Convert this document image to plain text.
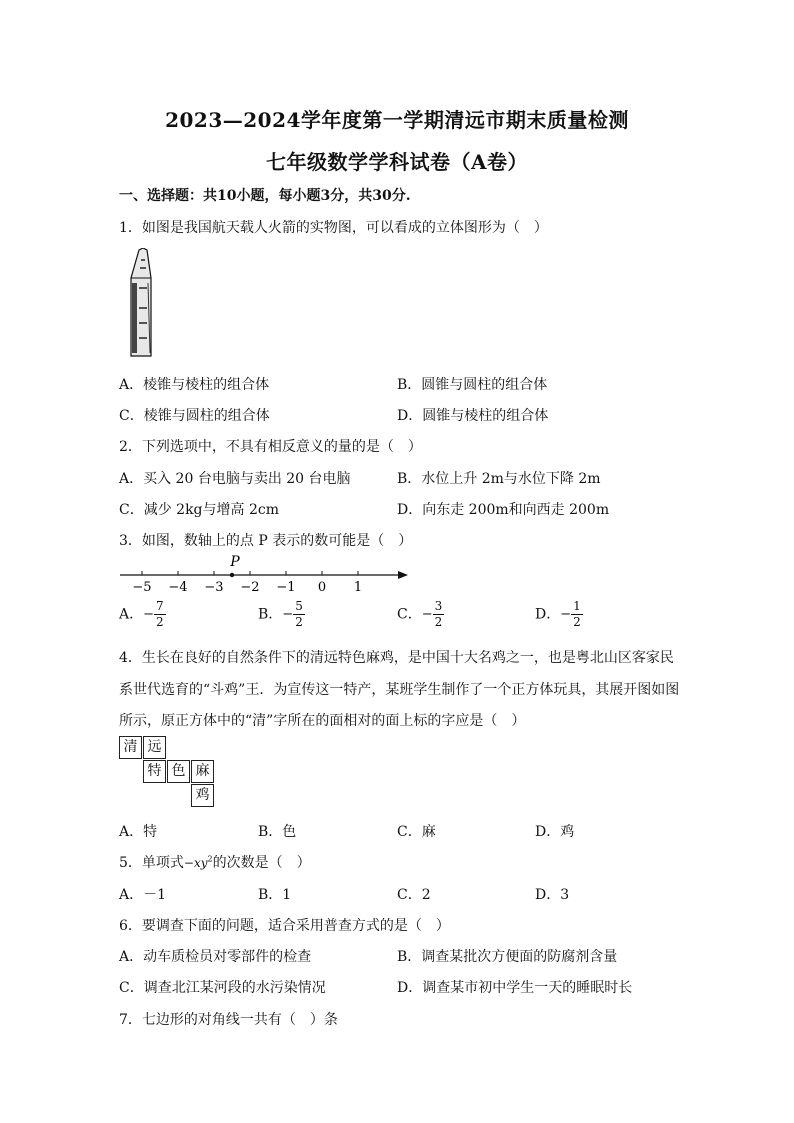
2023—2024学年度第一学期清远市期末质量检测
七年级数学学科试卷（A卷）
一、选择题：共10小题，每小题3分，共30分.
1．如图是我国航天载人火箭的实物图，可以看成的立体图形为（　）
A．棱锥与棱柱的组合体	B．圆锥与圆柱的组合体
C．棱锥与圆柱的组合体	D．圆锥与棱柱的组合体
2．下列选项中，不具有相反意义的量的是（　）
A．买入 20 台电脑与卖出 20 台电脑	B．水位上升 2m与水位下降 2m
C．减少 2kg与增高 2cm	D．向东走 200m和向西走 200m
3．如图，数轴上的点 P 表示的数可能是（　）
−5 −4 −3 −2 −1 0 1
P
A．− $\frac{7}{2}$	B．− $\frac{5}{2}$	C．− $\frac{3}{2}$	D．− $\frac{1}{2}$
4．生长在良好的自然条件下的清远特色麻鸡，是中国十大名鸡之一，也是粤北山区客家民
系世代选育的“斗鸡”王．为宣传这一特产，某班学生制作了一个正方体玩具，其展开图如图
所示，原正方体中的“清”字所在的面相对的面上标的字应是（　）
清 远
特 色 麻
鸡
A．特	B．色	C．麻	D．鸡
5．单项式$-xy^2$的次数是（　）
A．－1	B．1	C．2	D．3
6．要调查下面的问题，适合采用普查方式的是（　）
A．动车质检员对零部件的检查	B．调查某批次方便面的防腐剂含量
C．调查北江某河段的水污染情况	D．调查某市初中学生一天的睡眠时长
7．七边形的对角线一共有（　）条
